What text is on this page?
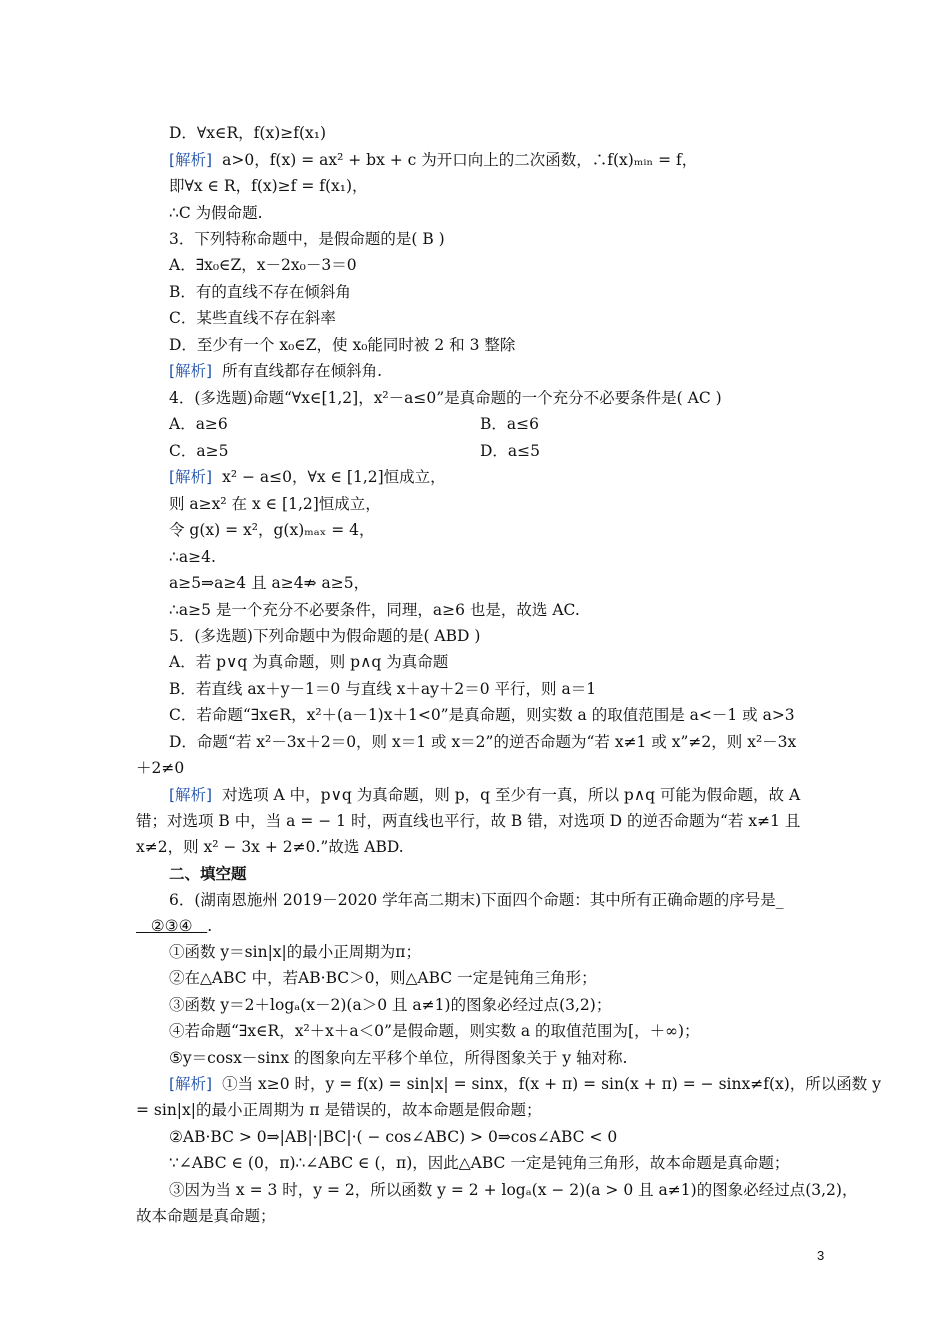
D．∀x∈R，f(x)≥f(x₁)
[解析] a>0，f(x) = ax² + bx + c 为开口向上的二次函数，∴f(x)ₘᵢₙ = f，
即∀x ∈ R，f(x)≥f = f(x₁)，
∴C 为假命题.
3．下列特称命题中，是假命题的是( B )
A．∃x₀∈Z，x－2x₀－3＝0
B．有的直线不存在倾斜角
C．某些直线不存在斜率
D．至少有一个 x₀∈Z，使 x₀能同时被 2 和 3 整除
[解析] 所有直线都存在倾斜角.
4．(多选题)命题“∀x∈[1,2]，x²－a≤0”是真命题的一个充分不必要条件是( AC )
A．a≥6	B．a≤6
C．a≥5	D．a≤5
[解析] x² − a≤0，∀x ∈ [1,2]恒成立，
则 a≥x² 在 x ∈ [1,2]恒成立，
令 g(x) = x²，g(x)ₘₐₓ = 4，
∴a≥4.
a≥5⇒a≥4 且 a≥4⇏ a≥5，
∴a≥5 是一个充分不必要条件，同理，a≥6 也是，故选 AC.
5．(多选题)下列命题中为假命题的是( ABD )
A．若 p∨q 为真命题，则 p∧q 为真命题
B．若直线 ax＋y－1＝0 与直线 x＋ay＋2＝0 平行，则 a＝1
C．若命题“∃x∈R，x²＋(a－1)x＋1<0”是真命题，则实数 a 的取值范围是 a<－1 或 a>3
D．命题“若 x²－3x＋2＝0，则 x＝1 或 x＝2”的逆否命题为“若 x≠1 或 x”≠2，则 x²－3x
＋2≠0
[解析] 对选项 A 中，p∨q 为真命题，则 p，q 至少有一真，所以 p∧q 可能为假命题，故 A
错；对选项 B 中，当 a = − 1 时，两直线也平行，故 B 错，对选项 D 的逆否命题为“若 x≠1 且
x≠2，则 x² − 3x + 2≠0.”故选 ABD.
二、填空题
6．(湖南恩施州 2019－2020 学年高二期末)下面四个命题：其中所有正确命题的序号是_
②③④ .
①函数 y＝sin|x|的最小正周期为π；
②在△ABC 中，若AB·BC＞0，则△ABC 一定是钝角三角形；
③函数 y＝2＋logₐ(x－2)(a＞0 且 a≠1)的图象必经过点(3,2)；
④若命题“∃x∈R，x²＋x＋a＜0”是假命题，则实数 a 的取值范围为[，＋∞)；
⑤y＝cosx－sinx 的图象向左平移个单位，所得图象关于 y 轴对称.
[解析] ①当 x≥0 时，y = f(x) = sin|x| = sinx，f(x + π) = sin(x + π) = − sinx≠f(x)，所以函数 y
= sin|x|的最小正周期为 π 是错误的，故本命题是假命题；
②AB·BC > 0⇒|AB|·|BC|·( − cos∠ABC) > 0⇒cos∠ABC < 0
∵∠ABC ∈ (0，π)∴∠ABC ∈ (，π)，因此△ABC 一定是钝角三角形，故本命题是真命题；
③因为当 x = 3 时，y = 2，所以函数 y = 2 + logₐ(x − 2)(a > 0 且 a≠1)的图象必经过点(3,2)，
故本命题是真命题；
3
